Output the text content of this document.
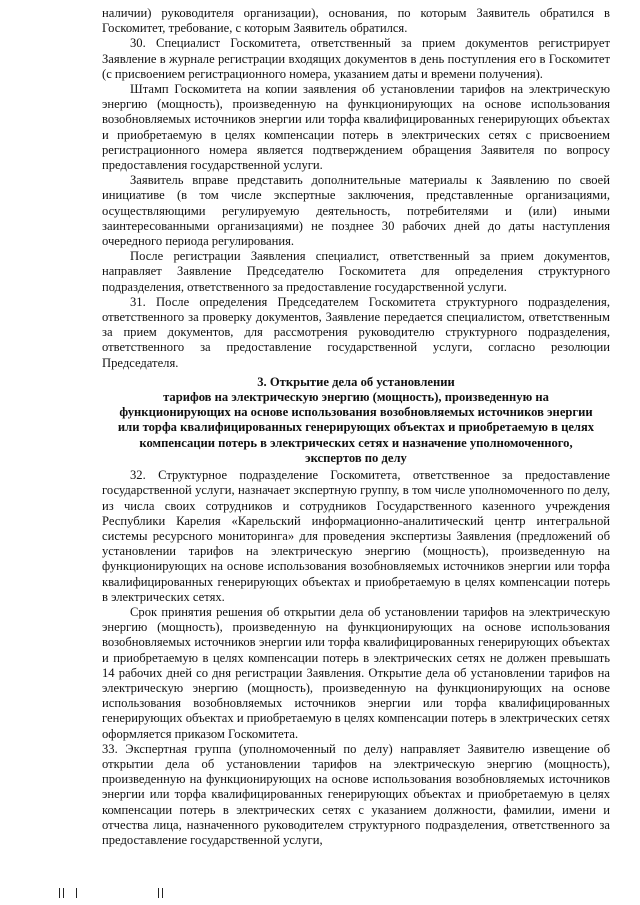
наличии) руководителя организации), основания, по которым Заявитель обратился в Госкомитет, требование, с которым Заявитель обратился.

30. Специалист Госкомитета, ответственный за прием документов регистрирует Заявление в журнале регистрации входящих документов в день поступления его в Госкомитет (с присвоением регистрационного номера, указанием даты и времени получения).

Штамп Госкомитета на копии заявления об установлении тарифов на электрическую энергию (мощность), произведенную на функционирующих на основе использования возобновляемых источников энергии или торфа квалифицированных генерирующих объектах и приобретаемую в целях компенсации потерь в электрических сетях с присвоением регистрационного номера является подтверждением обращения Заявителя по вопросу предоставления государственной услуги.

Заявитель вправе представить дополнительные материалы к Заявлению по своей инициативе (в том числе экспертные заключения, представленные организациями, осуществляющими регулируемую деятельность, потребителями и (или) иными заинтересованными организациями) не позднее 30 рабочих дней до даты наступления очередного периода регулирования.

После регистрации Заявления специалист, ответственный за прием документов, направляет Заявление Председателю Госкомитета для определения структурного подразделения, ответственного за предоставление государственной услуги.

31. После определения Председателем Госкомитета структурного подразделения, ответственного за проверку документов, Заявление передается специалистом, ответственным за прием документов, для рассмотрения руководителю структурного подразделения, ответственного за предоставление государственной услуги, согласно резолюции Председателя.

3. Открытие дела об установлении
тарифов на электрическую энергию (мощность), произведенную на
функционирующих на основе использования возобновляемых источников энергии
или торфа квалифицированных генерирующих объектах и приобретаемую в целях
компенсации потерь в электрических сетях и назначение уполномоченного,
экспертов по делу

32. Структурное подразделение Госкомитета, ответственное за предоставление государственной услуги, назначает экспертную группу, в том числе уполномоченного по делу, из числа своих сотрудников и сотрудников Государственного казенного учреждения Республики Карелия «Карельский информационно-аналитический центр интегральной системы ресурсного мониторинга» для проведения экспертизы Заявления (предложений об установлении тарифов на электрическую энергию (мощность), произведенную на функционирующих на основе использования возобновляемых источников энергии или торфа квалифицированных генерирующих объектах и приобретаемую в целях компенсации потерь в электрических сетях.

Срок принятия решения об открытии дела об установлении тарифов на электрическую энергию (мощность), произведенную на функционирующих на основе использования возобновляемых источников энергии или торфа квалифицированных генерирующих объектах и приобретаемую в целях компенсации потерь в электрических сетях не должен превышать 14 рабочих дней со дня регистрации Заявления. Открытие дела об установлении тарифов на электрическую энергию (мощность), произведенную на функционирующих на основе использования возобновляемых источников энергии или торфа квалифицированных генерирующих объектах и приобретаемую в целях компенсации потерь в электрических сетях оформляется приказом Госкомитета.

33. Экспертная группа (уполномоченный по делу) направляет Заявителю извещение об открытии дела об установлении тарифов на электрическую энергию (мощность), произведенную на функционирующих на основе использования возобновляемых источников энергии или торфа квалифицированных генерирующих объектах и приобретаемую в целях компенсации потерь в электрических сетях с указанием должности, фамилии, имени и отчества лица, назначенного руководителем структурного подразделения, ответственного за предоставление государственной услуги,
